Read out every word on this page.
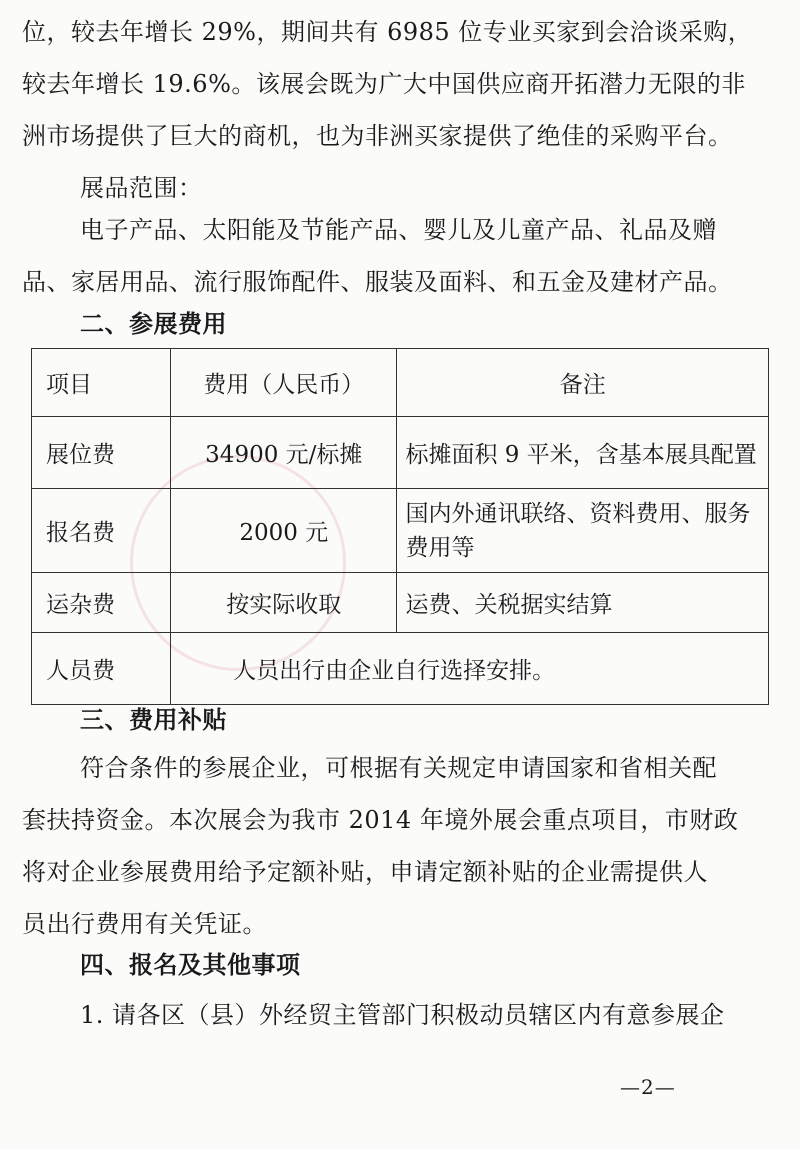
位，较去年增长 29%，期间共有 6985 位专业买家到会洽谈采购，
较去年增长 19.6%。该展会既为广大中国供应商开拓潜力无限的非
洲市场提供了巨大的商机，也为非洲买家提供了绝佳的采购平台。

展品范围：

电子产品、太阳能及节能产品、婴儿及儿童产品、礼品及赠
品、家居用品、流行服饰配件、服装及面料、和五金及建材产品。

二、参展费用

项目	费用（人民币）	备注
展位费	34900 元/标摊	标摊面积 9 平米，含基本展具配置
报名费	2000 元	国内外通讯联络、资料费用、服务费用等

运杂费	按实际收取	运费、关税据实结算
人员费	人员出行由企业自行选择安排。	

三、费用补贴

符合条件的参展企业，可根据有关规定申请国家和省相关配
套扶持资金。本次展会为我市 2014 年境外展会重点项目，市财政
将对企业参展费用给予定额补贴，申请定额补贴的企业需提供人
员出行费用有关凭证。

四、报名及其他事项

1. 请各区（县）外经贸主管部门积极动员辖区内有意参展企

—2—
